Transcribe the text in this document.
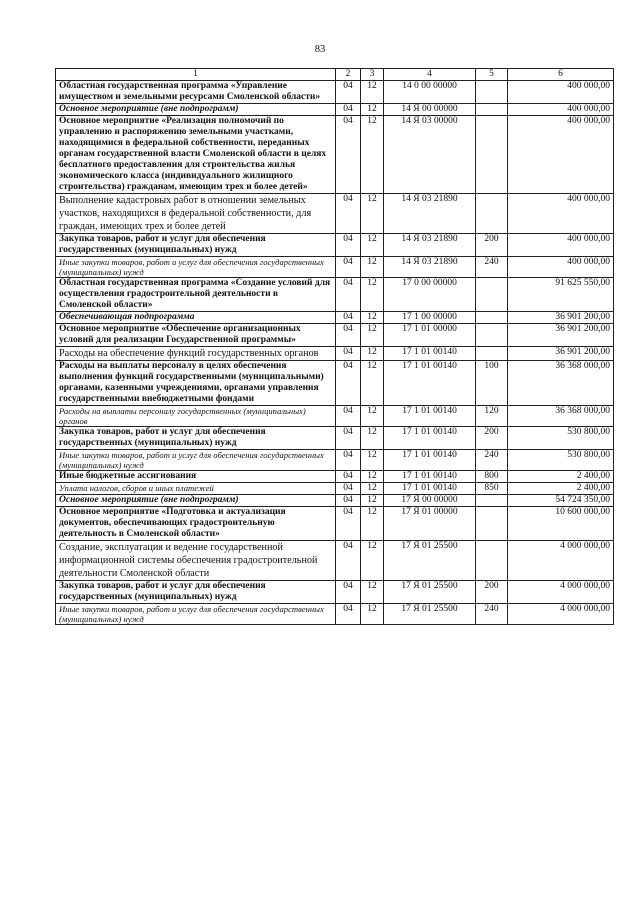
83
1	2	3	4	5	6
Областная государственная программа «Управление имуществом и земельными ресурсами Смоленской области»	04	12	14 0 00 00000		400 000,00
Основное мероприятие (вне подпрограмм)	04	12	14 Я 00 00000		400 000,00
Основное мероприятие «Реализация полномочий по управлению и распоряжению земельными участками, находящимися в федеральной собственности, переданных органам государственной власти Смоленской области в целях бесплатного предоставления для строительства жилья экономического класса (индивидуального жилищного строительства) гражданам, имеющим трех и более детей»	04	12	14 Я 03 00000		400 000,00
Выполнение кадастровых работ в отношении земельных участков, находящихся в федеральной собственности, для граждан, имеющих трех и более детей	04	12	14 Я 03 21890		400 000,00
Закупка товаров, работ и услуг для обеспечения государственных (муниципальных) нужд	04	12	14 Я 03 21890	200	400 000,00
Иные закупки товаров, работ и услуг для обеспечения государственных (муниципальных) нужд	04	12	14 Я 03 21890	240	400 000,00
Областная государственная программа «Создание условий для осуществления градостроительной деятельности в Смоленской области»	04	12	17 0 00 00000		91 625 550,00
Обеспечивающая подпрограмма	04	12	17 1 00 00000		36 901 200,00
Основное мероприятие «Обеспечение организационных условий для реализации Государственной программы»	04	12	17 1 01 00000		36 901 200,00
Расходы на обеспечение функций государственных органов	04	12	17 1 01 00140		36 901 200,00
Расходы на выплаты персоналу в целях обеспечения выполнения функций государственными (муниципальными) органами, казенными учреждениями, органами управления государственными внебюджетными фондами	04	12	17 1 01 00140	100	36 368 000,00
Расходы на выплаты персоналу государственных (муниципальных) органов	04	12	17 1 01 00140	120	36 368 000,00
Закупка товаров, работ и услуг для обеспечения государственных (муниципальных) нужд	04	12	17 1 01 00140	200	530 800,00
Иные закупки товаров, работ и услуг для обеспечения государственных (муниципальных) нужд	04	12	17 1 01 00140	240	530 800,00
Иные бюджетные ассигнования	04	12	17 1 01 00140	800	2 400,00
Уплата налогов, сборов и иных платежей	04	12	17 1 01 00140	850	2 400,00
Основное мероприятие (вне подпрограмм)	04	12	17 Я 00 00000		54 724 350,00
Основное мероприятие «Подготовка и актуализация документов, обеспечивающих градостроительную деятельность в Смоленской области»	04	12	17 Я 01 00000		10 600 000,00
Создание, эксплуатация и ведение государственной информационной системы обеспечения градостроительной деятельности Смоленской области	04	12	17 Я 01 25500		4 000 000,00
Закупка товаров, работ и услуг для обеспечения государственных (муниципальных) нужд	04	12	17 Я 01 25500	200	4 000 000,00
Иные закупки товаров, работ и услуг для обеспечения государственных (муниципальных) нужд	04	12	17 Я 01 25500	240	4 000 000,00
